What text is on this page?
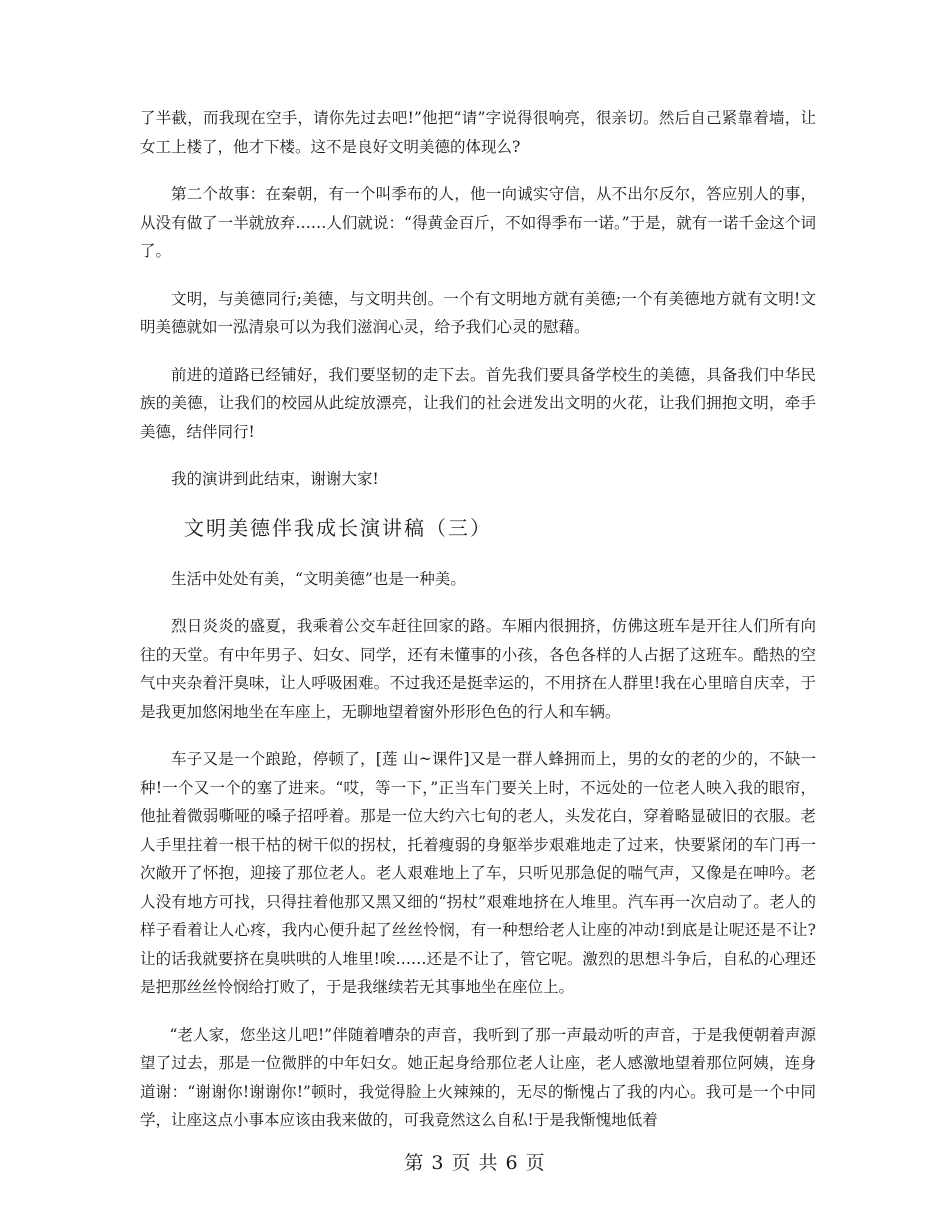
了半截，而我现在空手，请你先过去吧!”他把“请”字说得很响亮，很亲切。然后自己紧靠着墙，让女工上楼了，他才下楼。这不是良好文明美德的体现么?

第二个故事：在秦朝，有一个叫季布的人，他一向诚实守信，从不出尔反尔，答应别人的事，从没有做了一半就放弃……人们就说：“得黄金百斤，不如得季布一诺。”于是，就有一诺千金这个词了。

文明，与美德同行;美德，与文明共创。一个有文明地方就有美德;一个有美德地方就有文明!文明美德就如一泓清泉可以为我们滋润心灵，给予我们心灵的慰藉。

前进的道路已经铺好，我们要坚韧的走下去。首先我们要具备学校生的美德，具备我们中华民族的美德，让我们的校园从此绽放漂亮，让我们的社会迸发出文明的火花，让我们拥抱文明，牵手美德，结伴同行!

我的演讲到此结束，谢谢大家!

文明美德伴我成长演讲稿（三）

生活中处处有美，“文明美德”也是一种美。

烈日炎炎的盛夏，我乘着公交车赶往回家的路。车厢内很拥挤，仿佛这班车是开往人们所有向往的天堂。有中年男子、妇女、同学，还有未懂事的小孩，各色各样的人占据了这班车。酷热的空气中夹杂着汗臭味，让人呼吸困难。不过我还是挺幸运的，不用挤在人群里!我在心里暗自庆幸，于是我更加悠闲地坐在车座上，无聊地望着窗外形形色色的行人和车辆。

车子又是一个踉跄，停顿了，[莲 山~课件]又是一群人蜂拥而上，男的女的老的少的，不缺一种!一个又一个的塞了进来。“哎，等一下，”正当车门要关上时，不远处的一位老人映入我的眼帘，他扯着微弱嘶哑的嗓子招呼着。那是一位大约六七旬的老人，头发花白，穿着略显破旧的衣服。老人手里拄着一根干枯的树干似的拐杖，托着瘦弱的身躯举步艰难地走了过来，快要紧闭的车门再一次敞开了怀抱，迎接了那位老人。老人艰难地上了车，只听见那急促的喘气声，又像是在呻吟。老人没有地方可找，只得拄着他那又黑又细的“拐杖”艰难地挤在人堆里。汽车再一次启动了。老人的样子看着让人心疼，我内心便升起了丝丝怜悯，有一种想给老人让座的冲动!到底是让呢还是不让?让的话我就要挤在臭哄哄的人堆里!唉……还是不让了，管它呢。激烈的思想斗争后，自私的心理还是把那丝丝怜悯给打败了，于是我继续若无其事地坐在座位上。

“老人家，您坐这儿吧!”伴随着嘈杂的声音，我听到了那一声最动听的声音，于是我便朝着声源望了过去，那是一位微胖的中年妇女。她正起身给那位老人让座，老人感激地望着那位阿姨，连身道谢：“谢谢你!谢谢你!”顿时，我觉得脸上火辣辣的，无尽的惭愧占了我的内心。我可是一个中同学，让座这点小事本应该由我来做的，可我竟然这么自私!于是我惭愧地低着

第 3 页 共 6 页
